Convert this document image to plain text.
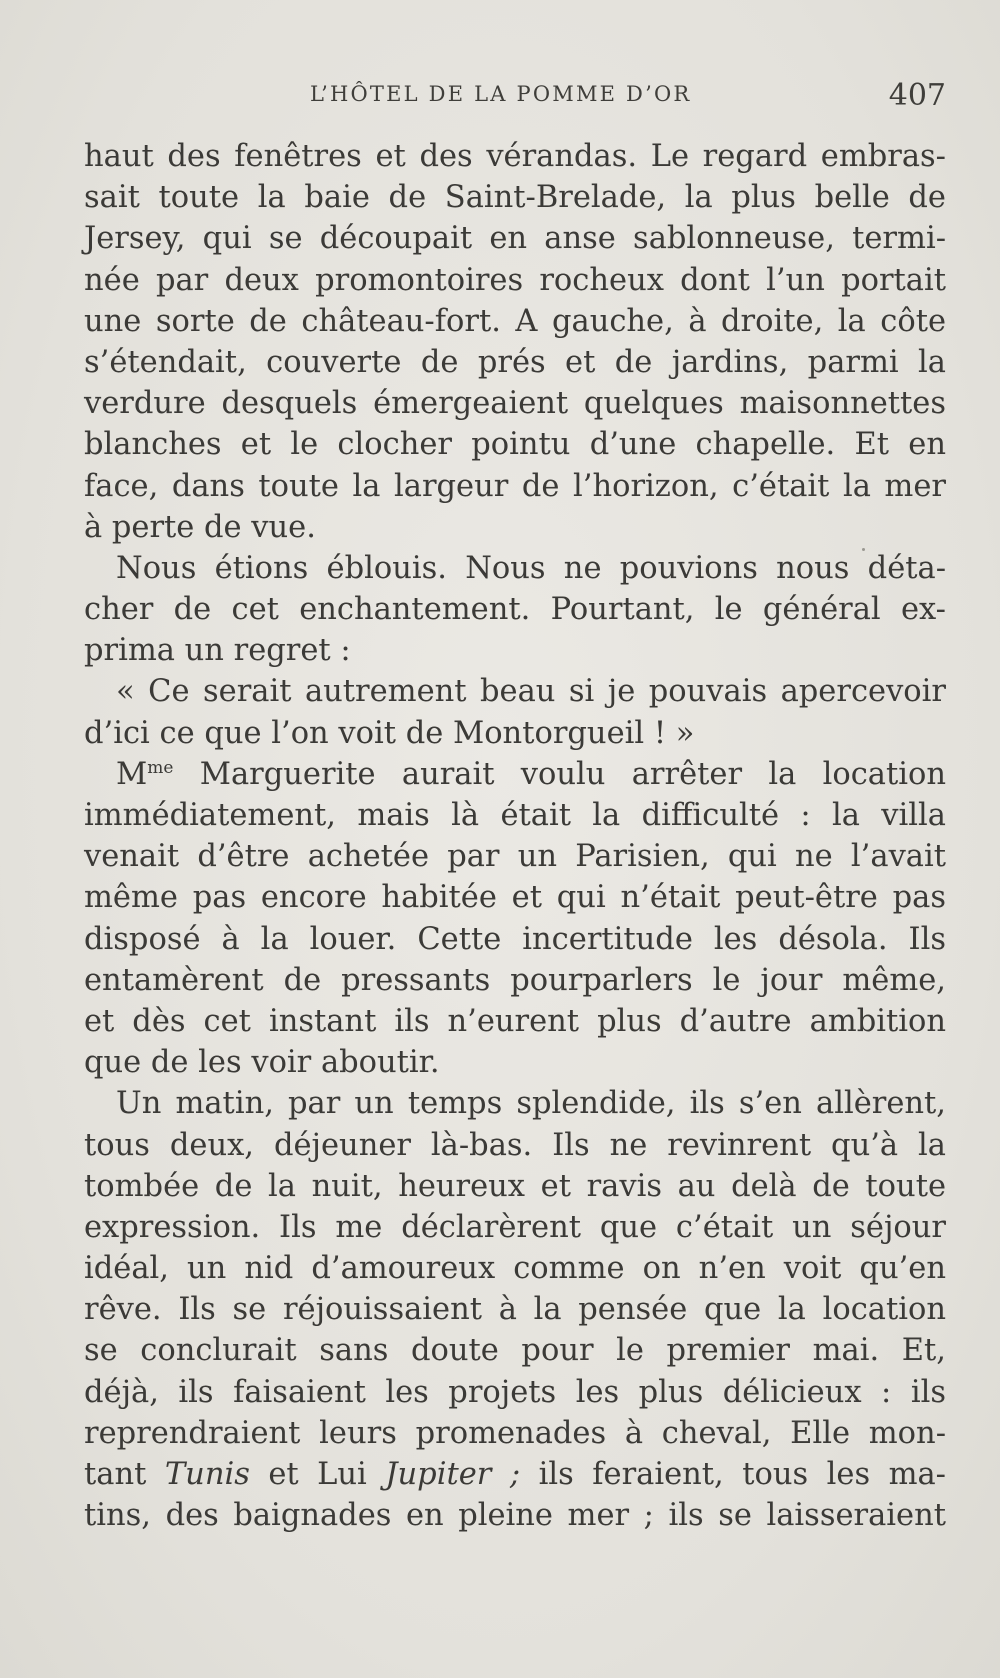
L’HÔTEL DE LA POMME D’OR	407
haut des fenêtres et des vérandas. Le regard embras-
sait toute la baie de Saint-Brelade, la plus belle de
Jersey, qui se découpait en anse sablonneuse, termi-
née par deux promontoires rocheux dont l’un portait
une sorte de château-fort. A gauche, à droite, la côte
s’étendait, couverte de prés et de jardins, parmi la
verdure desquels émergeaient quelques maisonnettes
blanches et le clocher pointu d’une chapelle. Et en
face, dans toute la largeur de l’horizon, c’était la mer
à perte de vue.
Nous étions éblouis. Nous ne pouvions nous déta-
cher de cet enchantement. Pourtant, le général ex-
prima un regret :
« Ce serait autrement beau si je pouvais apercevoir
d’ici ce que l’on voit de Montorgueil ! »
$M^{me}$ Marguerite aurait voulu arrêter la location
immédiatement, mais là était la difficulté : la villa
venait d’être achetée par un Parisien, qui ne l’avait
même pas encore habitée et qui n’était peut-être pas
disposé à la louer. Cette incertitude les désola. Ils
entamèrent de pressants pourparlers le jour même,
et dès cet instant ils n’eurent plus d’autre ambition
que de les voir aboutir.
Un matin, par un temps splendide, ils s’en allèrent,
tous deux, déjeuner là-bas. Ils ne revinrent qu’à la
tombée de la nuit, heureux et ravis au delà de toute
expression. Ils me déclarèrent que c’était un séjour
idéal, un nid d’amoureux comme on n’en voit qu’en
rêve. Ils se réjouissaient à la pensée que la location
se conclurait sans doute pour le premier mai. Et,
déjà, ils faisaient les projets les plus délicieux : ils
reprendraient leurs promenades à cheval, Elle mon-
tant Tunis et Lui Jupiter ; ils feraient, tous les ma-
tins, des baignades en pleine mer ; ils se laisseraient
